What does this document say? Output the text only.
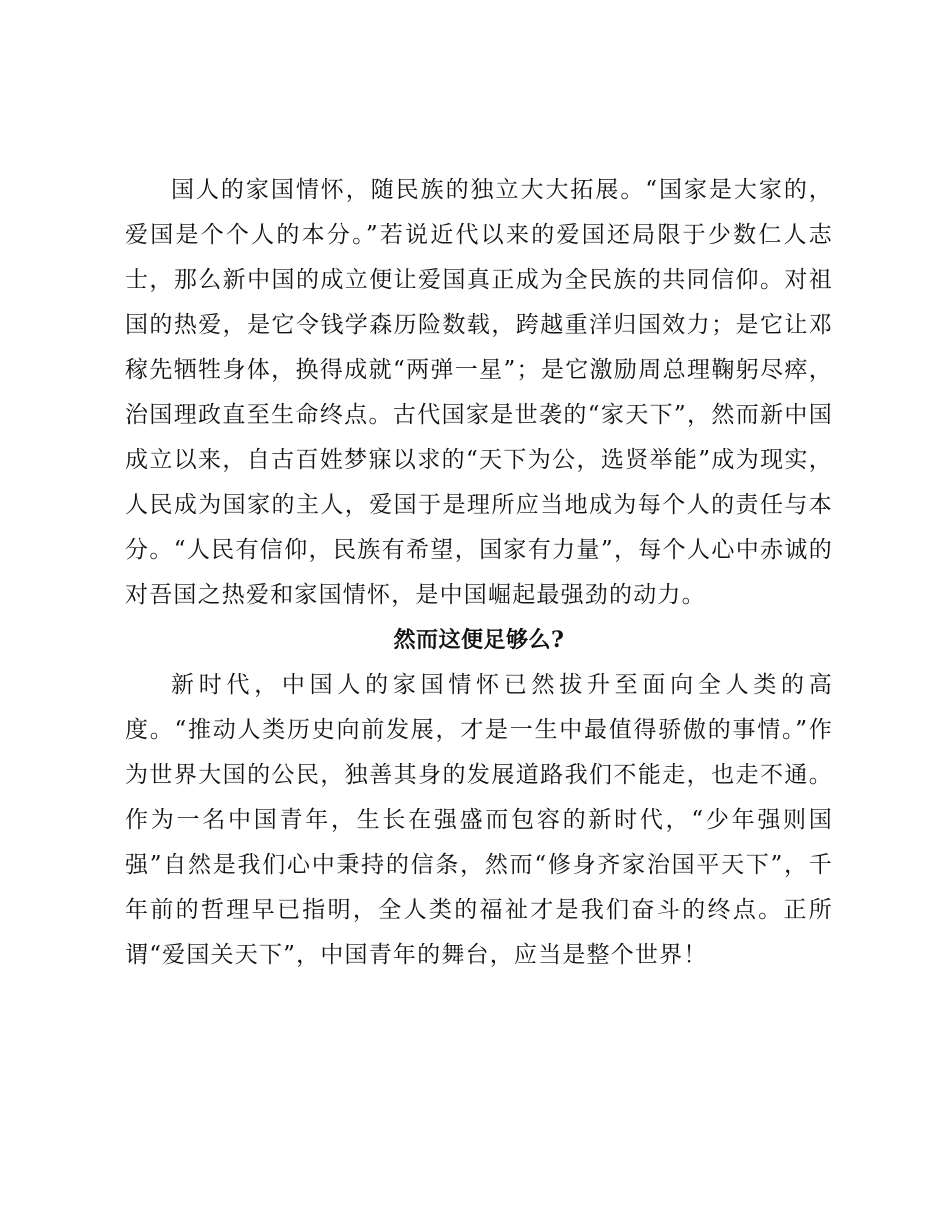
国人的家国情怀，随民族的独立大大拓展。“国家是大家的，爱国是个个人的本分。”若说近代以来的爱国还局限于少数仁人志士，那么新中国的成立便让爱国真正成为全民族的共同信仰。对祖国的热爱，是它令钱学森历险数载，跨越重洋归国效力；是它让邓稼先牺牲身体，换得成就“两弹一星”；是它激励周总理鞠躬尽瘁，治国理政直至生命终点。古代国家是世袭的“家天下”，然而新中国成立以来，自古百姓梦寐以求的“天下为公，选贤举能”成为现实，人民成为国家的主人，爱国于是理所应当地成为每个人的责任与本分。“人民有信仰，民族有希望，国家有力量”，每个人心中赤诚的对吾国之热爱和家国情怀，是中国崛起最强劲的动力。

然而这便足够么?

新时代，中国人的家国情怀已然拔升至面向全人类的高度。“推动人类历史向前发展，才是一生中最值得骄傲的事情。”作为世界大国的公民，独善其身的发展道路我们不能走，也走不通。作为一名中国青年，生长在强盛而包容的新时代，“少年强则国强”自然是我们心中秉持的信条，然而“修身齐家治国平天下”，千年前的哲理早已指明，全人类的福祉才是我们奋斗的终点。正所谓“爱国关天下”，中国青年的舞台，应当是整个世界！
